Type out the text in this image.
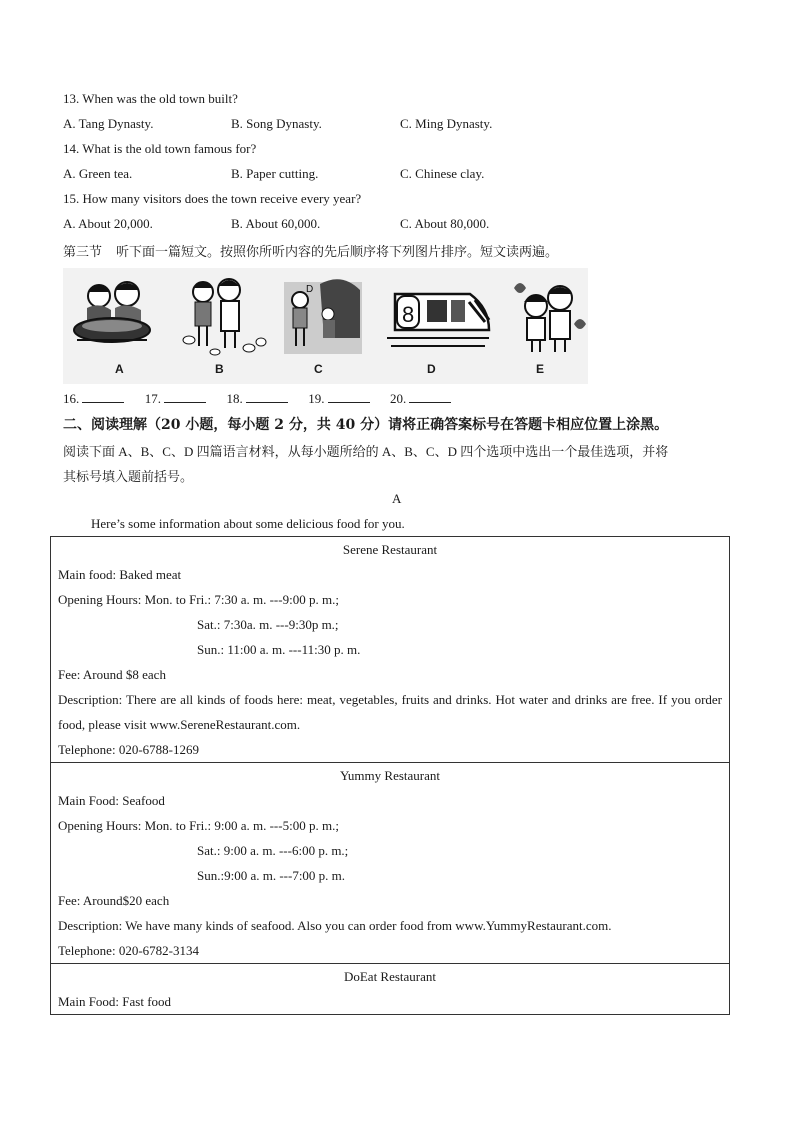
13. When was the old town built?
A. Tang Dynasty.	B. Song Dynasty.	C. Ming Dynasty.
14. What is the old town famous for?
A. Green tea.	B. Paper cutting.	C. Chinese clay.
15. How many visitors does the town receive every year?
A. About 20,000.	B. About 60,000.	C. About 80,000.
第三节 听下面一篇短文。按照你所听内容的先后顺序将下列图片排序。短文读两遍。
A	B
D
C
8
D	E
16.	17.	18.	19.	20.
二、阅读理解（20 小题，每小题 2 分，共 40 分）请将正确答案标号在答题卡相应位置上涂黑。
阅读下面 A、B、C、D 四篇语言材料，从每小题所给的 A、B、C、D 四个选项中选出一个最佳选项，并将
其标号填入题前括号。
A
Here’s some information about some delicious food for you.
Serene Restaurant
Main food: Baked meat
Opening Hours: Mon. to Fri.: 7:30 a. m. ---9:00 p. m.;
Sat.: 7:30a. m. ---9:30p m.;
Sun.: 11:00 a. m. ---11:30 p. m.
Fee: Around $8 each
Description: There are all kinds of foods here: meat, vegetables, fruits and drinks. Hot water and drinks are free. If you order food, please visit www.SereneRestaurant.com.
Telephone: 020-6788-1269

Yummy Restaurant
Main Food: Seafood
Opening Hours: Mon. to Fri.: 9:00 a. m. ---5:00 p. m.;
Sat.: 9:00 a. m. ---6:00 p. m.;
Sun.:9:00 a. m. ---7:00 p. m.
Fee: Around$20 each
Description: We have many kinds of seafood. Also you can order food from www.YummyRestaurant.com.
Telephone: 020-6782-3134

DoEat Restaurant
Main Food: Fast food
